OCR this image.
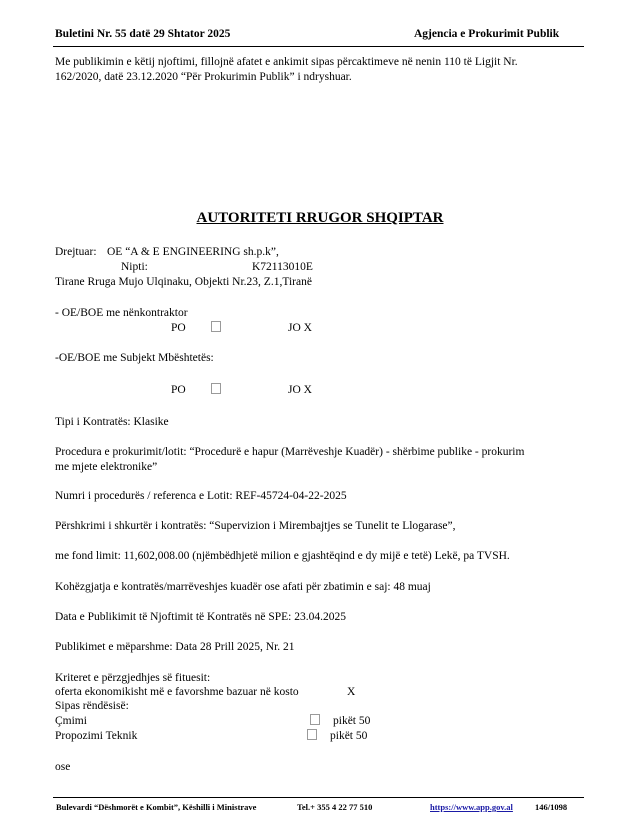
Buletini Nr. 55 datë 29 Shtator 2025	Agjencia e Prokurimit Publik
Me publikimin e këtij njoftimi, fillojnë afatet e ankimit sipas përcaktimeve në nenin 110 të Ligjit Nr.
162/2020, datë 23.12.2020 “Për Prokurimin Publik” i ndryshuar.
AUTORITETI RRUGOR SHQIPTAR
Drejtuar: OE “A & E ENGINEERING sh.p.k”,
Nipti:	K72113010E
Tirane Rruga Mujo Ulqinaku, Objekti Nr.23, Z.1,Tiranë
- OE/BOE me nënkontraktor
PO	JO X
-OE/BOE me Subjekt Mbështetës:
PO	JO X
Tipi i Kontratës: Klasike
Procedura e prokurimit/lotit: “Procedurë e hapur (Marrëveshje Kuadër) - shërbime publike - prokurim
me mjete elektronike”
Numri i procedurës / referenca e Lotit: REF-45724-04-22-2025
Përshkrimi i shkurtër i kontratës: “Supervizion i Mirembajtjes se Tunelit te Llogarase”,
me fond limit: 11,602,008.00 (njëmbëdhjetë milion e gjashtëqind e dy mijë e tetë) Lekë, pa TVSH.
Kohëzgjatja e kontratës/marrëveshjes kuadër ose afati për zbatimin e saj: 48 muaj
Data e Publikimit të Njoftimit të Kontratës në SPE: 23.04.2025
Publikimet e mëparshme: Data 28 Prill 2025, Nr. 21
Kriteret e përzgjedhjes së fituesit:
oferta ekonomikisht më e favorshme bazuar në kosto	X
Sipas rëndësisë:
Çmimi	pikët 50
Propozimi Teknik	pikët 50
ose
Bulevardi “Dëshmorët e Kombit”, Këshilli i Ministrave	Tel.+ 355 4 22 77 510	https://www.app.gov.al	146/1098
